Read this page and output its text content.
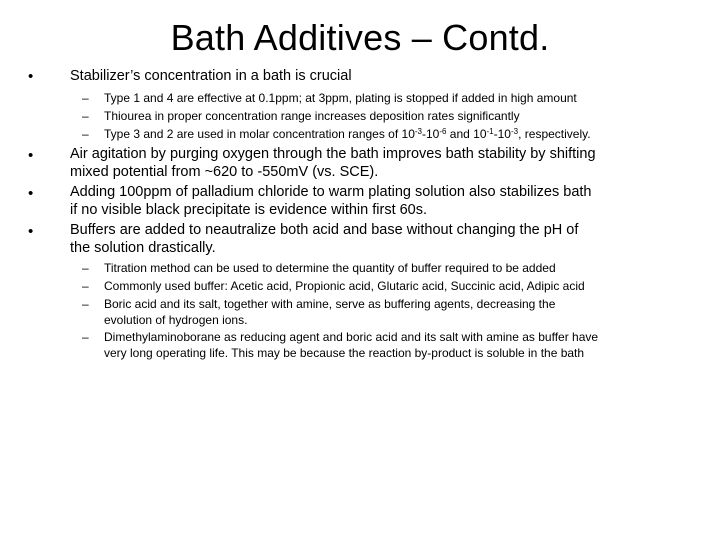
Bath Additives – Contd.
•	Stabilizer’s concentration in a bath is crucial
– Type 1 and 4 are effective at 0.1ppm; at 3ppm, plating is stopped if added in high amount
– Thiourea in proper concentration range increases deposition rates significantly
– Type 3 and 2 are used in molar concentration ranges of $10^{-3}-10^{-6}$ and $10^{-1}-10^{-3}$, respectively.
•	Air agitation by purging oxygen through the bath improves bath stability by shifting
mixed potential from ~620 to -550mV (vs. SCE).
•	Adding 100ppm of palladium chloride to warm plating solution also stabilizes bath
if no visible black precipitate is evidence within first 60s.
•	Buffers are added to neautralize both acid and base without changing the pH of
the solution drastically.
– Titration method can be used to determine the quantity of buffer required to be added
– Commonly used buffer: Acetic acid, Propionic acid, Glutaric acid, Succinic acid, Adipic acid
– Boric acid and its salt, together with amine, serve as buffering agents, decreasing the
evolution of hydrogen ions.
– Dimethylaminoborane as reducing agent and boric acid and its salt with amine as buffer have
very long operating life. This may be because the reaction by-product is soluble in the bath
